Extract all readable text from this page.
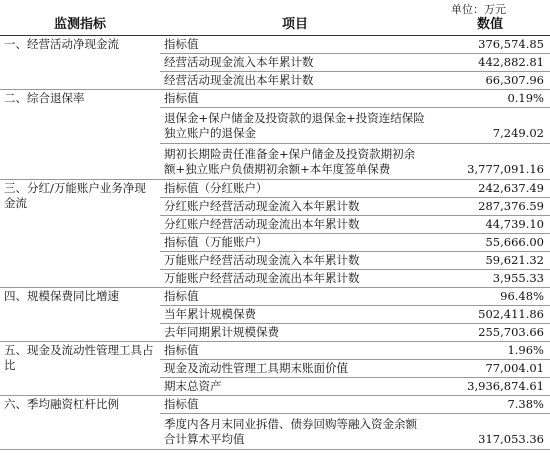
单位：万元
监测指标	项目	数值
一、经营活动净现金流	指标值	376,574.85
	经营活动现金流入本年累计数	442,882.81
	经营活动现金流出本年累计数	66,307.96
二、综合退保率	指标值	0.19%
	退保金+保户储金及投资款的退保金+投资连结保险独立账户的退保金	7,249.02
	期初长期险责任准备金+保户储金及投资款期初余额+独立账户负债期初余额+本年度签单保费	3,777,091.16
三、分红/万能账户业务净现金流	指标值（分红账户）	242,637.49
	分红账户经营活动现金流入本年累计数	287,376.59
	分红账户经营活动现金流出本年累计数	44,739.10
	指标值（万能账户）	55,666.00
	万能账户经营活动现金流入本年累计数	59,621.32
	万能账户经营活动现金流出本年累计数	3,955.33
四、规模保费同比增速	指标值	96.48%
	当年累计规模保费	502,411.86
	去年同期累计规模保费	255,703.66
五、现金及流动性管理工具占比	指标值	1.96%
	现金及流动性管理工具期末账面价值	77,004.01
	期末总资产	3,936,874.61
六、季均融资杠杆比例	指标值	7.38%
	季度内各月末同业拆借、债券回购等融入资金余额合计算术平均值	317,053.36
